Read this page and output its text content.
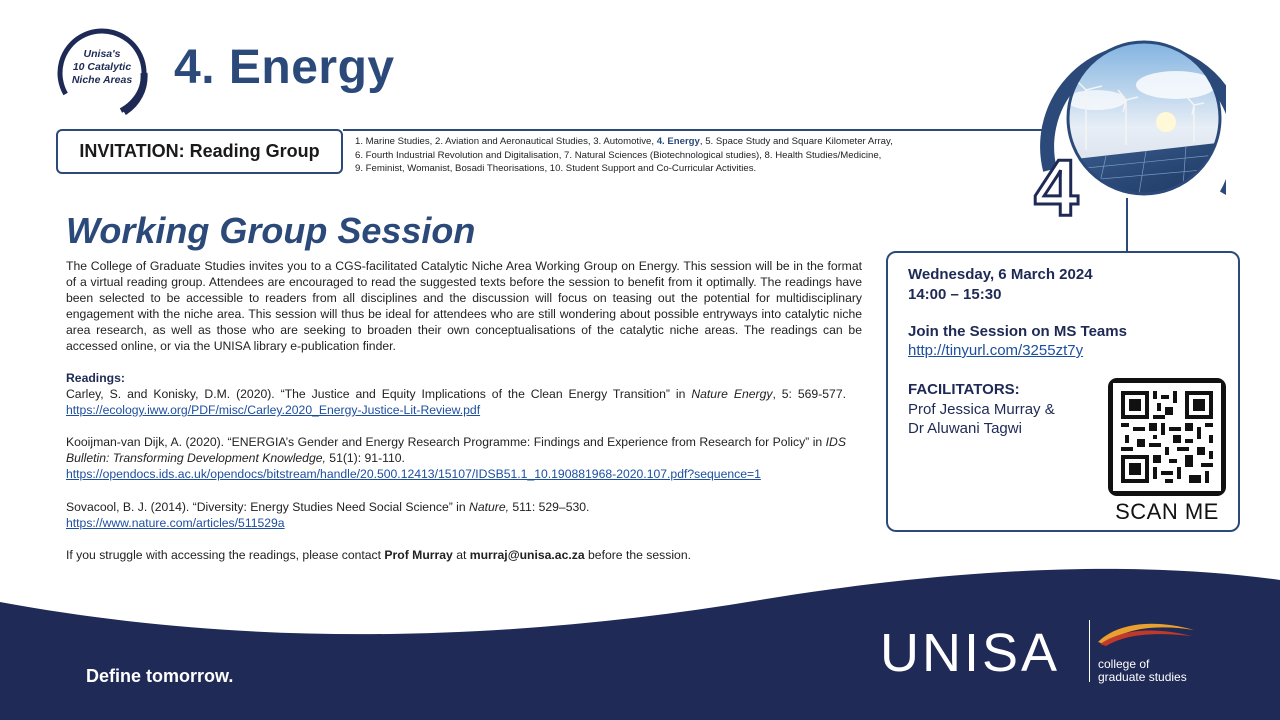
Unisa's
10 Catalytic
Niche Areas 4. Energy
INVITATION: Reading Group	1. Marine Studies, 2. Aviation and Aeronautical Studies, 3. Automotive, 4. Energy, 5. Space Study and Square Kilometer Array,
6. Fourth Industrial Revolution and Digitalisation, 7. Natural Sciences (Biotechnological studies), 8. Health Studies/Medicine,
9. Feminist, Womanist, Bosadi Theorisations, 10. Student Support and Co-Curricular Activities.	4
Working Group Session
The College of Graduate Studies invites you to a CGS-facilitated Catalytic Niche Area Working Group on Energy. This session will be in the format of a virtual reading group. Attendees are encouraged to read the suggested texts before the session to benefit from it optimally. The readings have been selected to be accessible to readers from all disciplines and the discussion will focus on teasing out the potential for multidisciplinary engagement with the niche area. This session will thus be ideal for attendees who are still wondering about possible entryways into catalytic niche area research, as well as those who are seeking to broaden their own conceptualisations of the catalytic niche areas. The readings can be accessed online, or via the UNISA library e-publication finder.
Readings:
Carley, S. and Konisky, D.M. (2020). “The Justice and Equity Implications of the Clean Energy Transition” in Nature Energy, 5: 569-577. https://ecology.iww.org/PDF/misc/Carley.2020_Energy-Justice-Lit-Review.pdf
Kooijman-van Dijk, A. (2020). “ENERGIA’s Gender and Energy Research Programme: Findings and Experience from Research for Policy” in IDS Bulletin: Transforming Development Knowledge, 51(1): 91-110.
https://opendocs.ids.ac.uk/opendocs/bitstream/handle/20.500.12413/15107/IDSB51.1_10.190881968-2020.107.pdf?sequence=1
Sovacool, B. J. (2014). “Diversity: Energy Studies Need Social Science” in Nature, 511: 529–530.
https://www.nature.com/articles/511529a
If you struggle with accessing the readings, please contact Prof Murray at murraj@unisa.ac.za before the session.
Wednesday, 6 March 2024
14:00 – 15:30
Join the Session on MS Teams
http://tinyurl.com/3255zt7y
FACILITATORS:
Prof Jessica Murray &
Dr Aluwani Tagwi
SCAN ME
Define tomorrow.	UNISA	college of
graduate studies
